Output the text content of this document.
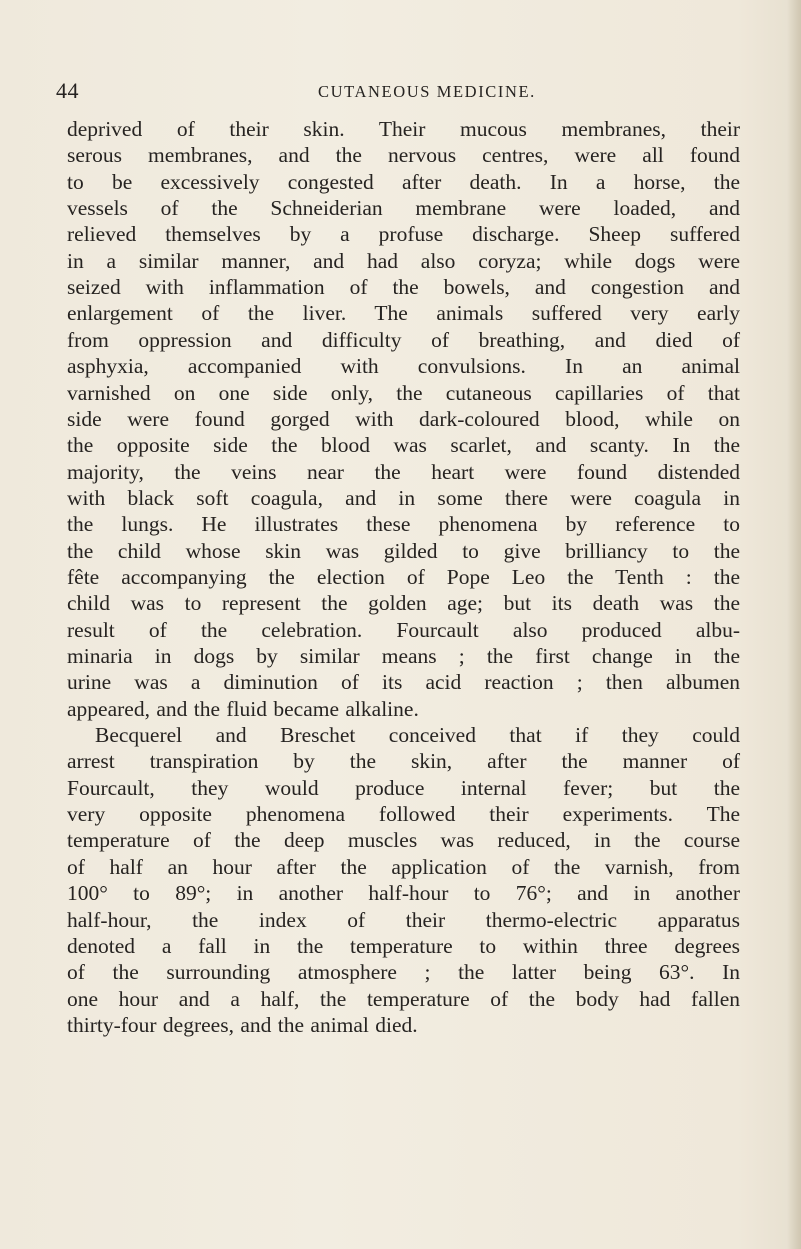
44	CUTANEOUS MEDICINE.
deprived of their skin. Their mucous membranes, their
serous membranes, and the nervous centres, were all found
to be excessively congested after death. In a horse, the
vessels of the Schneiderian membrane were loaded, and
relieved themselves by a profuse discharge. Sheep suffered
in a similar manner, and had also coryza; while dogs were
seized with inflammation of the bowels, and congestion and
enlargement of the liver. The animals suffered very early
from oppression and difficulty of breathing, and died of
asphyxia, accompanied with convulsions. In an animal
varnished on one side only, the cutaneous capillaries of that
side were found gorged with dark-coloured blood, while on
the opposite side the blood was scarlet, and scanty. In the
majority, the veins near the heart were found distended
with black soft coagula, and in some there were coagula in
the lungs. He illustrates these phenomena by reference to
the child whose skin was gilded to give brilliancy to the
fête accompanying the election of Pope Leo the Tenth : the
child was to represent the golden age; but its death was the
result of the celebration. Fourcault also produced albu-
minaria in dogs by similar means ; the first change in the
urine was a diminution of its acid reaction ; then albumen
appeared, and the fluid became alkaline.
Becquerel and Breschet conceived that if they could
arrest transpiration by the skin, after the manner of
Fourcault, they would produce internal fever; but the
very opposite phenomena followed their experiments. The
temperature of the deep muscles was reduced, in the course
of half an hour after the application of the varnish, from
100° to 89°; in another half-hour to 76°; and in another
half-hour, the index of their thermo-electric apparatus
denoted a fall in the temperature to within three degrees
of the surrounding atmosphere ; the latter being 63°. In
one hour and a half, the temperature of the body had fallen
thirty-four degrees, and the animal died.
